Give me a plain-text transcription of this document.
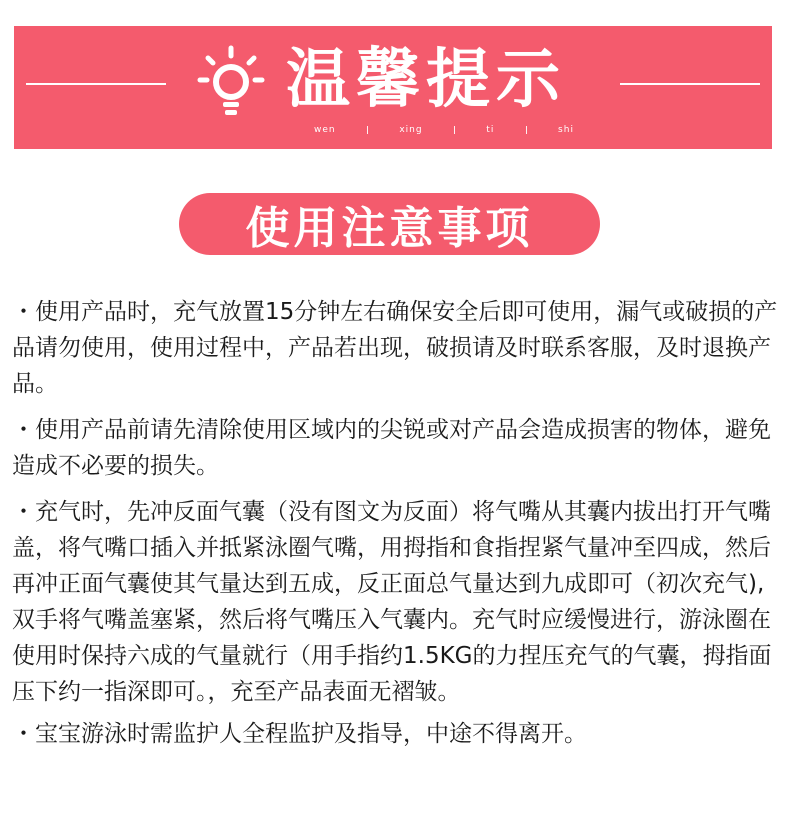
温馨提示
wen	xing	ti	shi
使用注意事项

・使用产品时，充气放置15分钟左右确保安全后即可使用，漏气或破损的产品请勿使用，使用过程中，产品若出现，破损请及时联系客服，及时退换产品。

・使用产品前请先清除使用区域内的尖锐或对产品会造成损害的物体，避免造成不必要的损失。

・充气时，先冲反面气囊（没有图文为反面）将气嘴从其囊内拔出打开气嘴盖，将气嘴口插入并抵紧泳圈气嘴，用拇指和食指捏紧气量冲至四成，然后再冲正面气囊使其气量达到五成，反正面总气量达到九成即可（初次充气),双手将气嘴盖塞紧，然后将气嘴压入气囊内。充气时应缓慢进行，游泳圈在使用时保持六成的气量就行（用手指约1.5KG的力捏压充气的气囊，拇指面压下约一指深即可。，充至产品表面无褶皱。

・宝宝游泳时需监护人全程监护及指导，中途不得离开。
